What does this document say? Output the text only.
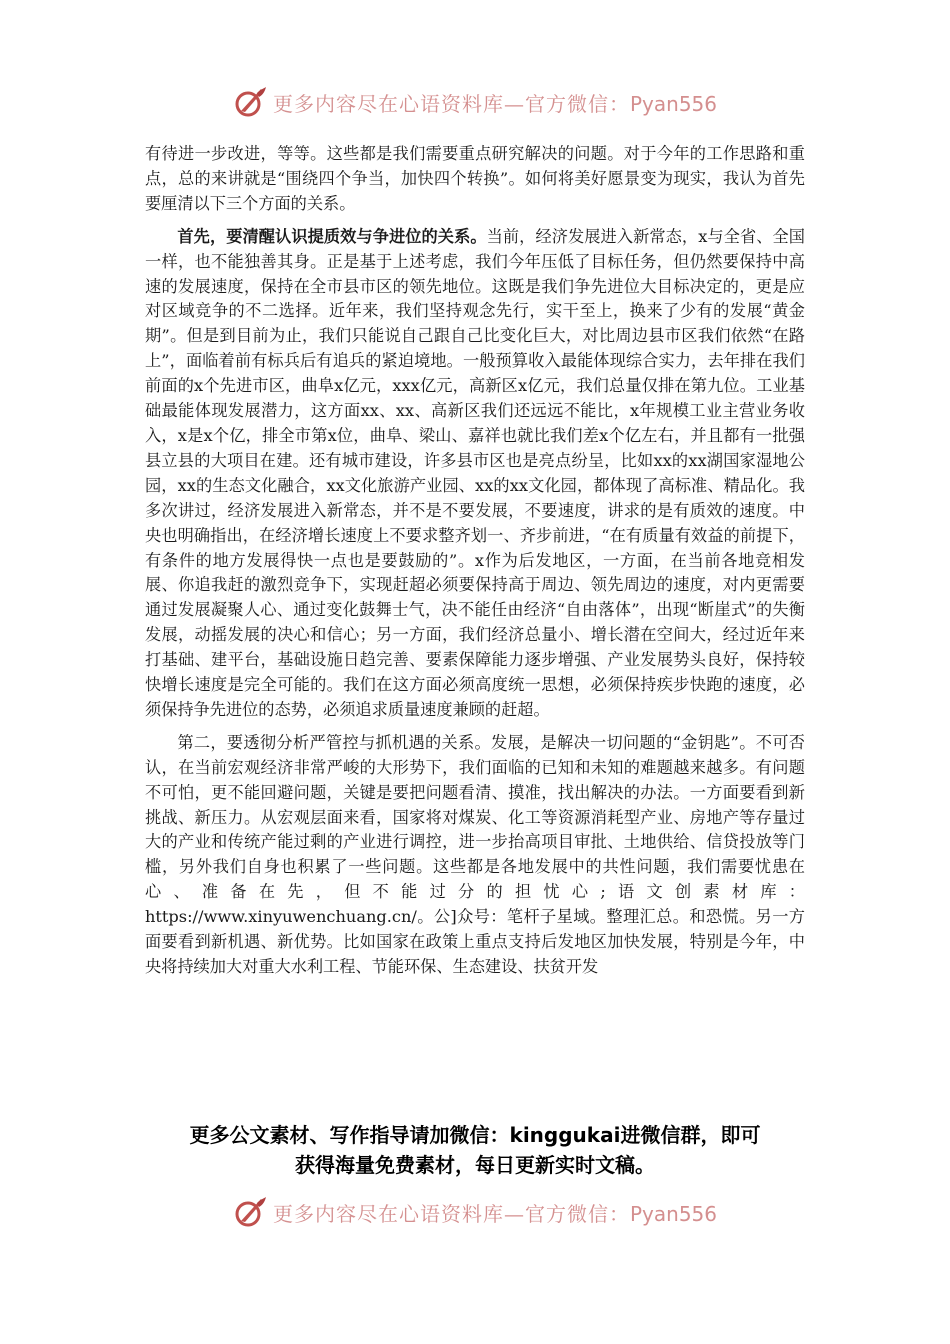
更多内容尽在心语资料库—官方微信：Pyan556

有待进一步改进，等等。这些都是我们需要重点研究解决的问题。对于今年的工作思路和重点，总的来讲就是“围绕四个争当，加快四个转换”。如何将美好愿景变为现实，我认为首先要厘清以下三个方面的关系。

首先，要清醒认识提质效与争进位的关系。当前，经济发展进入新常态，x与全省、全国一样，也不能独善其身。正是基于上述考虑，我们今年压低了目标任务，但仍然要保持中高速的发展速度，保持在全市县市区的领先地位。这既是我们争先进位大目标决定的，更是应对区域竞争的不二选择。近年来，我们坚持观念先行，实干至上，换来了少有的发展“黄金期”。但是到目前为止，我们只能说自己跟自己比变化巨大，对比周边县市区我们依然“在路上”，面临着前有标兵后有追兵的紧迫境地。一般预算收入最能体现综合实力，去年排在我们前面的x个先进市区，曲阜x亿元，xxx亿元，高新区x亿元，我们总量仅排在第九位。工业基础最能体现发展潜力，这方面xx、xx、高新区我们还远远不能比，x年规模工业主营业务收入，x是x个亿，排全市第x位，曲阜、梁山、嘉祥也就比我们差x个亿左右，并且都有一批强县立县的大项目在建。还有城市建设，许多县市区也是亮点纷呈，比如xx的xx湖国家湿地公园，xx的生态文化融合，xx文化旅游产业园、xx的xx文化园，都体现了高标准、精品化。我多次讲过，经济发展进入新常态，并不是不要发展，不要速度，讲求的是有质效的速度。中央也明确指出，在经济增长速度上不要求整齐划一、齐步前进，“在有质量有效益的前提下，有条件的地方发展得快一点也是要鼓励的”。x作为后发地区，一方面，在当前各地竞相发展、你追我赶的激烈竞争下，实现赶超必须要保持高于周边、领先周边的速度，对内更需要通过发展凝聚人心、通过变化鼓舞士气，决不能任由经济“自由落体”，出现“断崖式”的失衡发展，动摇发展的决心和信心；另一方面，我们经济总量小、增长潜在空间大，经过近年来打基础、建平台，基础设施日趋完善、要素保障能力逐步增强、产业发展势头良好，保持较快增长速度是完全可能的。我们在这方面必须高度统一思想，必须保持疾步快跑的速度，必须保持争先进位的态势，必须追求质量速度兼顾的赶超。

第二，要透彻分析严管控与抓机遇的关系。发展，是解决一切问题的“金钥匙”。不可否认，在当前宏观经济非常严峻的大形势下，我们面临的已知和未知的难题越来越多。有问题不可怕，更不能回避问题，关键是要把问题看清、摸准，找出解决的办法。一方面要看到新挑战、新压力。从宏观层面来看，国家将对煤炭、化工等资源消耗型产业、房地产等存量过大的产业和传统产能过剩的产业进行调控，进一步抬高项目审批、土地供给、信贷投放等门槛，另外我们自身也积累了一些问题。这些都是各地发展中的共性问题，我们需要忧患在心、准备在先，但不能过分的担忧心;语文创素材库：https://www.xinyuwenchuang.cn/。公]众号：笔杆子星域。整理汇总。和恐慌。另一方面要看到新机遇、新优势。比如国家在政策上重点支持后发地区加快发展，特别是今年，中央将持续加大对重大水利工程、节能环保、生态建设、扶贫开发

更多公文素材、写作指导请加微信：kinggukai进微信群，即可
获得海量免费素材，每日更新实时文稿。
更多内容尽在心语资料库—官方微信：Pyan556
